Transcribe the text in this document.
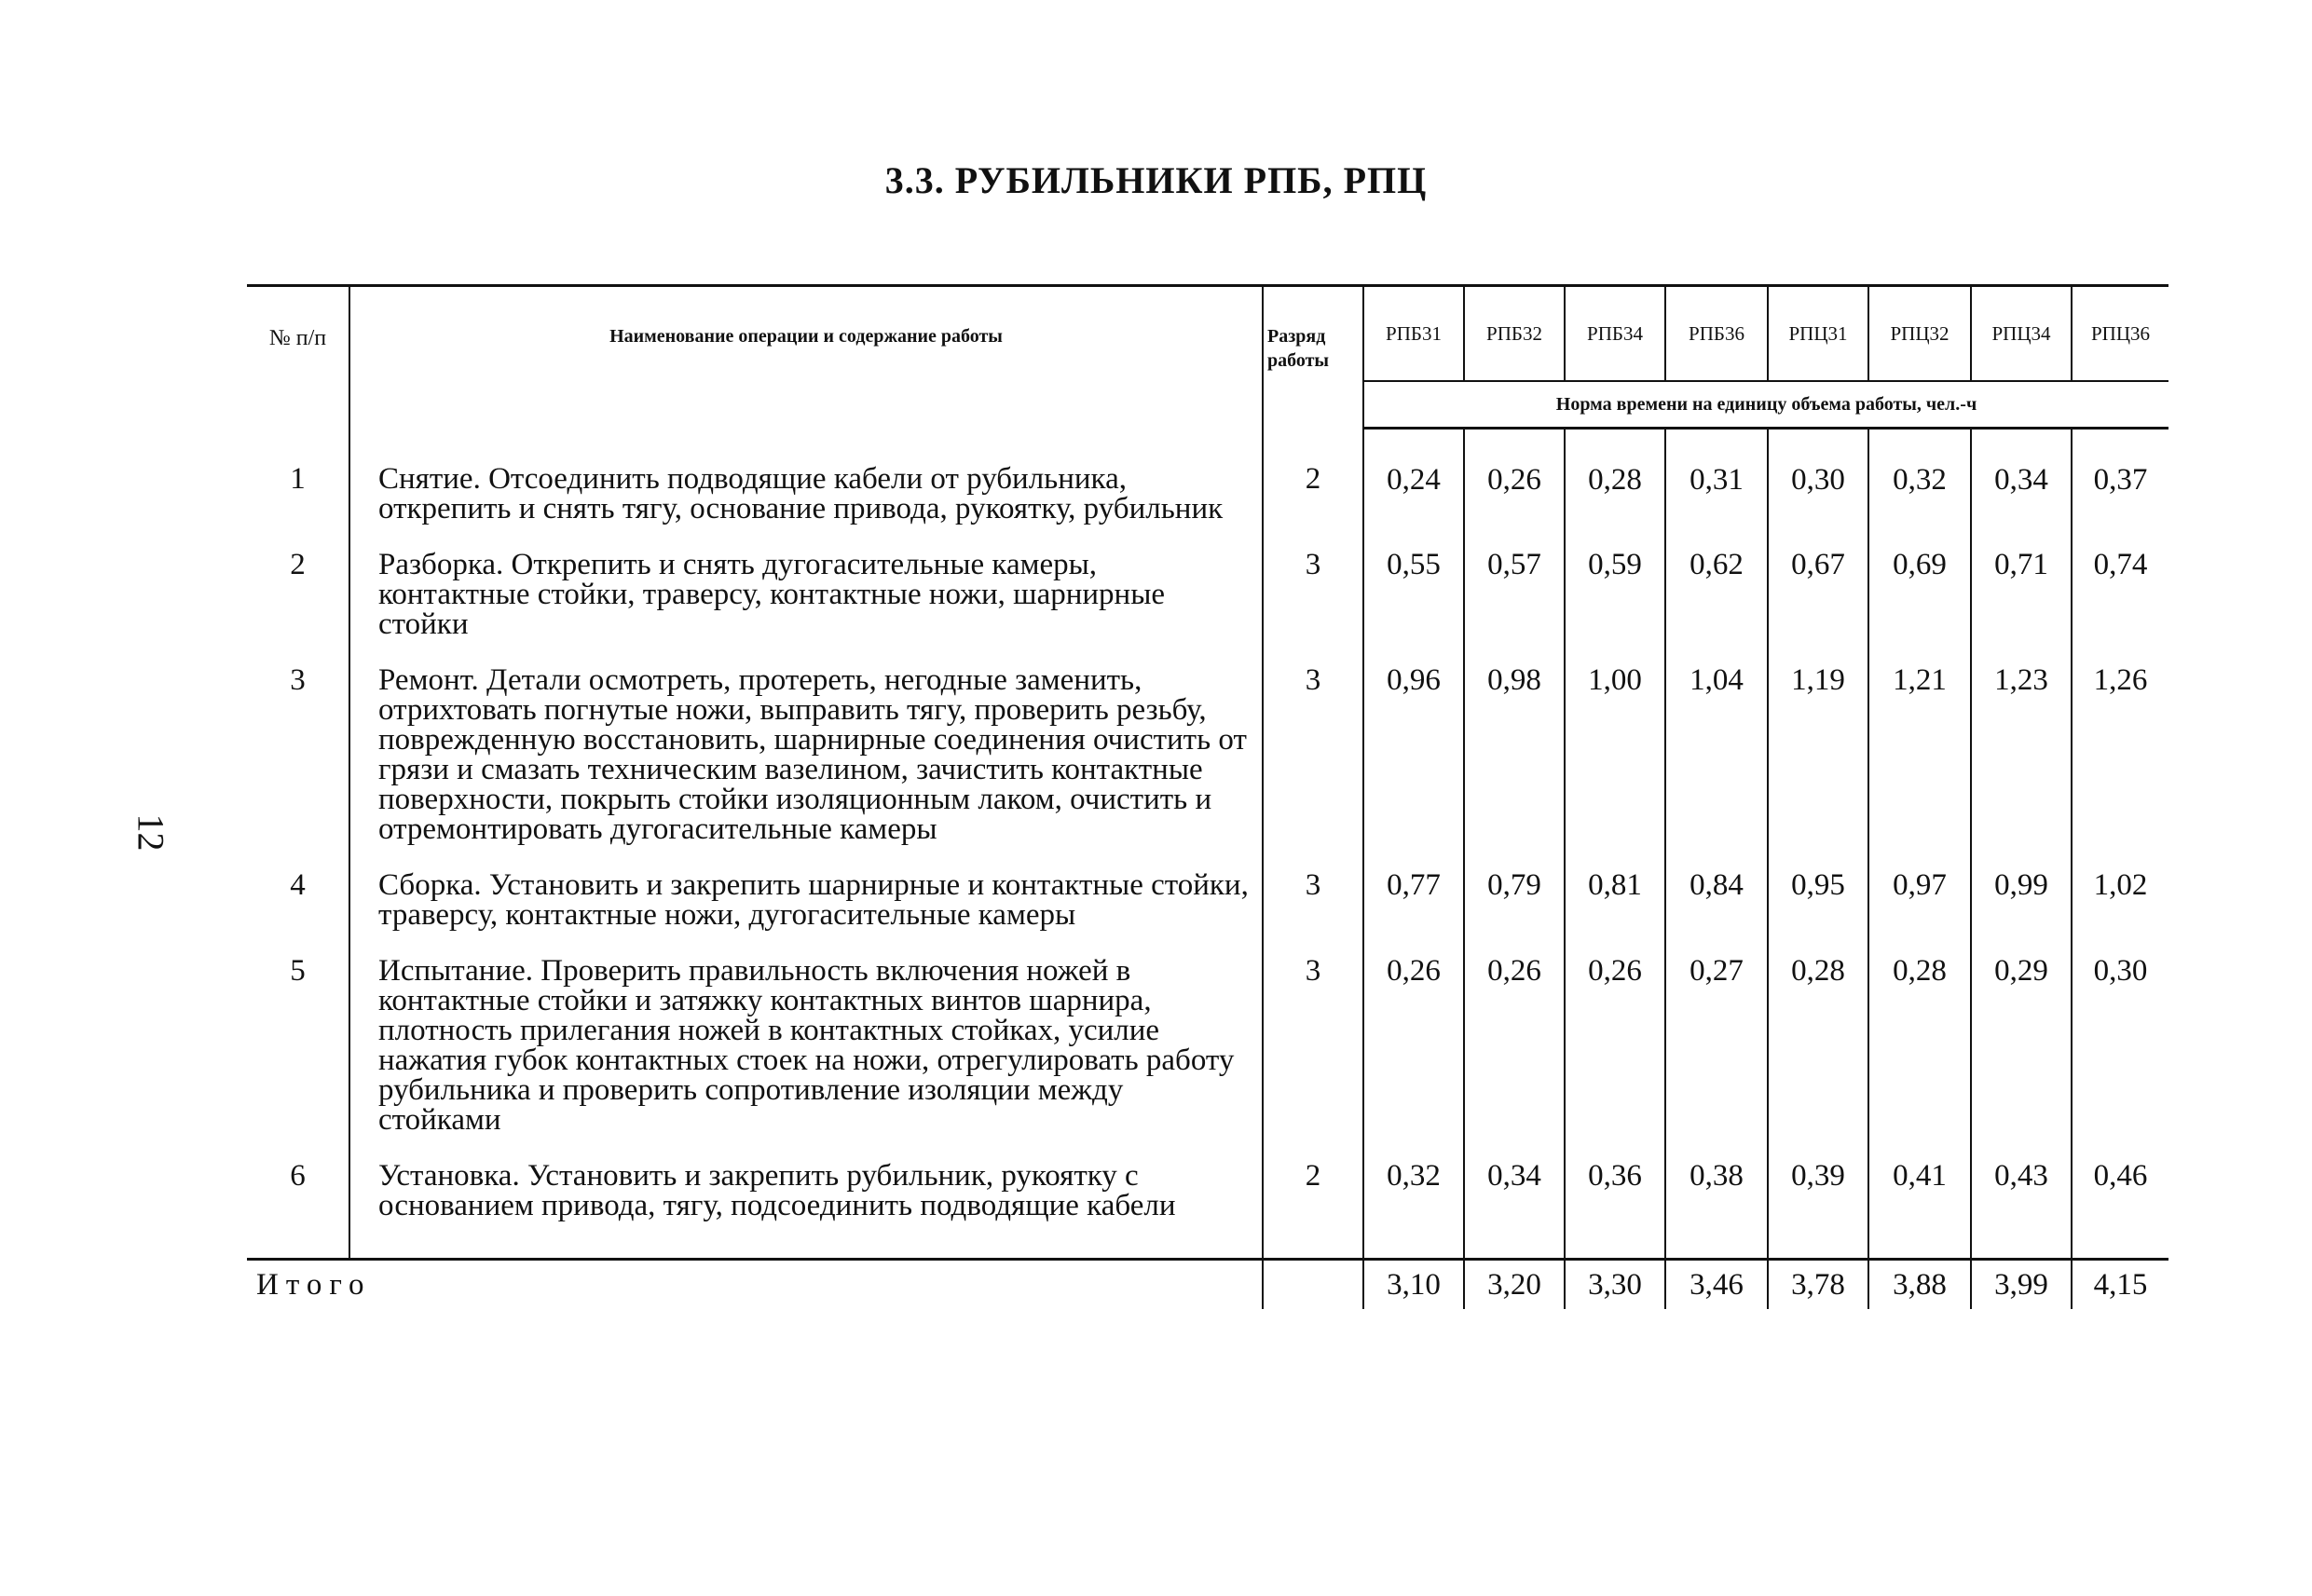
12
3.3. РУБИЛЬНИКИ РПБ, РПЦ
№ п/п	Наименование операции и содержание работы	Разряд работы	РПБ31	РПБ32	РПБ34	РПБ36	РПЦ31	РПЦ32	РПЦ34	РПЦ36
			Норма времени на единицу объема работы, чел.-ч							
1	Снятие. Отсоединить подводящие кабели от рубильника, открепить и снять тягу, основание привода, рукоятку, рубильник	2	0,24	0,26	0,28	0,31	0,30	0,32	0,34	0,37
2	Разборка. Открепить и снять дугогасительные камеры, контактные стойки, траверсу, контактные ножи, шарнирные стойки	3	0,55	0,57	0,59	0,62	0,67	0,69	0,71	0,74
3	Ремонт. Детали осмотреть, протереть, негодные заменить, отрихтовать погнутые ножи, выправить тягу, проверить резьбу, поврежденную восстановить, шарнирные соединения очистить от грязи и смазать техническим вазелином, зачистить контактные поверхности, покрыть стойки изоляционным лаком, очистить и отремонтировать дугогасительные камеры	3	0,96	0,98	1,00	1,04	1,19	1,21	1,23	1,26
4	Сборка. Установить и закрепить шарнирные и контактные стойки, траверсу, контактные ножи, дугогасительные камеры	3	0,77	0,79	0,81	0,84	0,95	0,97	0,99	1,02
5	Испытание. Проверить правильность включения ножей в контактные стойки и затяжку контактных винтов шарнира, плотность прилегания ножей в контактных стойках, усилие нажатия губок контактных стоек на ножи, отрегулировать работу рубильника и проверить сопротивление изоляции между стойками	3	0,26	0,26	0,26	0,27	0,28	0,28	0,29	0,30
6	Установка. Установить и закрепить рубильник, рукоятку с основанием привода, тягу, подсоединить подводящие кабели	2	0,32	0,34	0,36	0,38	0,39	0,41	0,43	0,46
Итого			3,10	3,20	3,30	3,46	3,78	3,88	3,99	4,15
